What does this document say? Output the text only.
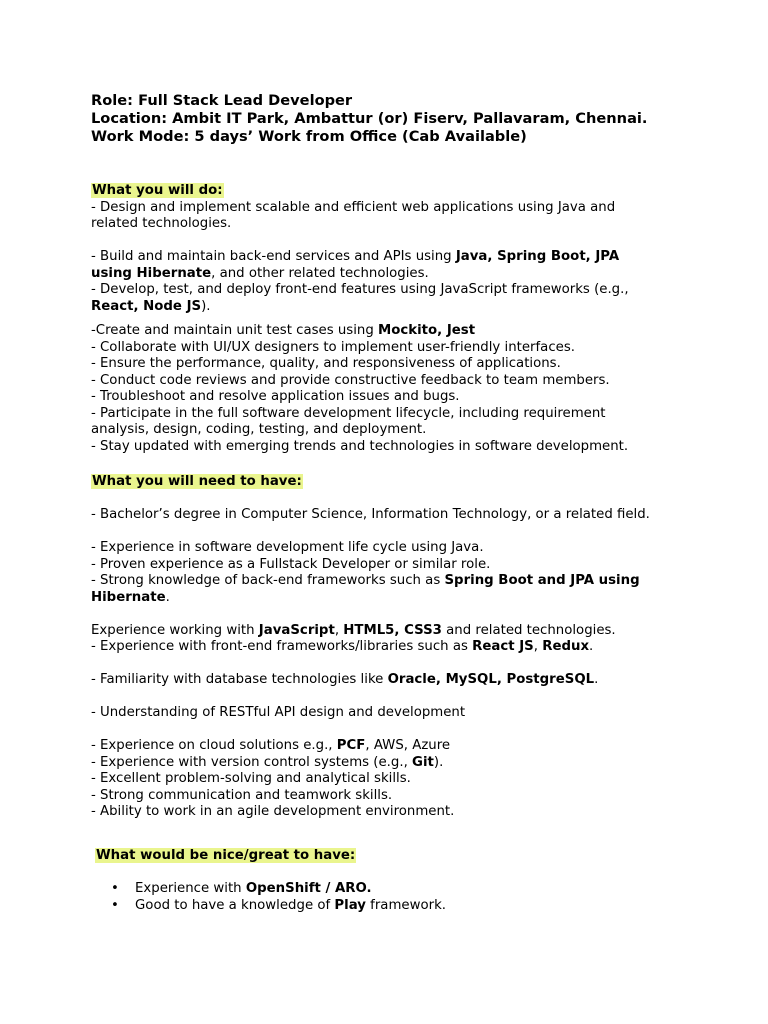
Role: Full Stack Lead Developer
Location: Ambit IT Park, Ambattur (or) Fiserv, Pallavaram, Chennai.
Work Mode: 5 days’ Work from Office (Cab Available)
What you will do:
- Design and implement scalable and efficient web applications using Java and
related technologies.
- Build and maintain back-end services and APIs using Java, Spring Boot, JPA
using Hibernate, and other related technologies.
- Develop, test, and deploy front-end features using JavaScript frameworks (e.g.,
React, Node JS).
-Create and maintain unit test cases using Mockito, Jest
- Collaborate with UI/UX designers to implement user-friendly interfaces.
- Ensure the performance, quality, and responsiveness of applications.
- Conduct code reviews and provide constructive feedback to team members.
- Troubleshoot and resolve application issues and bugs.
- Participate in the full software development lifecycle, including requirement
analysis, design, coding, testing, and deployment.
- Stay updated with emerging trends and technologies in software development.
What you will need to have:
- Bachelor’s degree in Computer Science, Information Technology, or a related field.
- Experience in software development life cycle using Java.
- Proven experience as a Fullstack Developer or similar role.
- Strong knowledge of back-end frameworks such as Spring Boot and JPA using
Hibernate.
Experience working with JavaScript, HTML5, CSS3 and related technologies.
- Experience with front-end frameworks/libraries such as React JS, Redux.
- Familiarity with database technologies like Oracle, MySQL, PostgreSQL.
- Understanding of RESTful API design and development
- Experience on cloud solutions e.g., PCF, AWS, Azure
- Experience with version control systems (e.g., Git).
- Excellent problem-solving and analytical skills.
- Strong communication and teamwork skills.
- Ability to work in an agile development environment.
What would be nice/great to have:
• Experience with OpenShift / ARO.
• Good to have a knowledge of Play framework.
